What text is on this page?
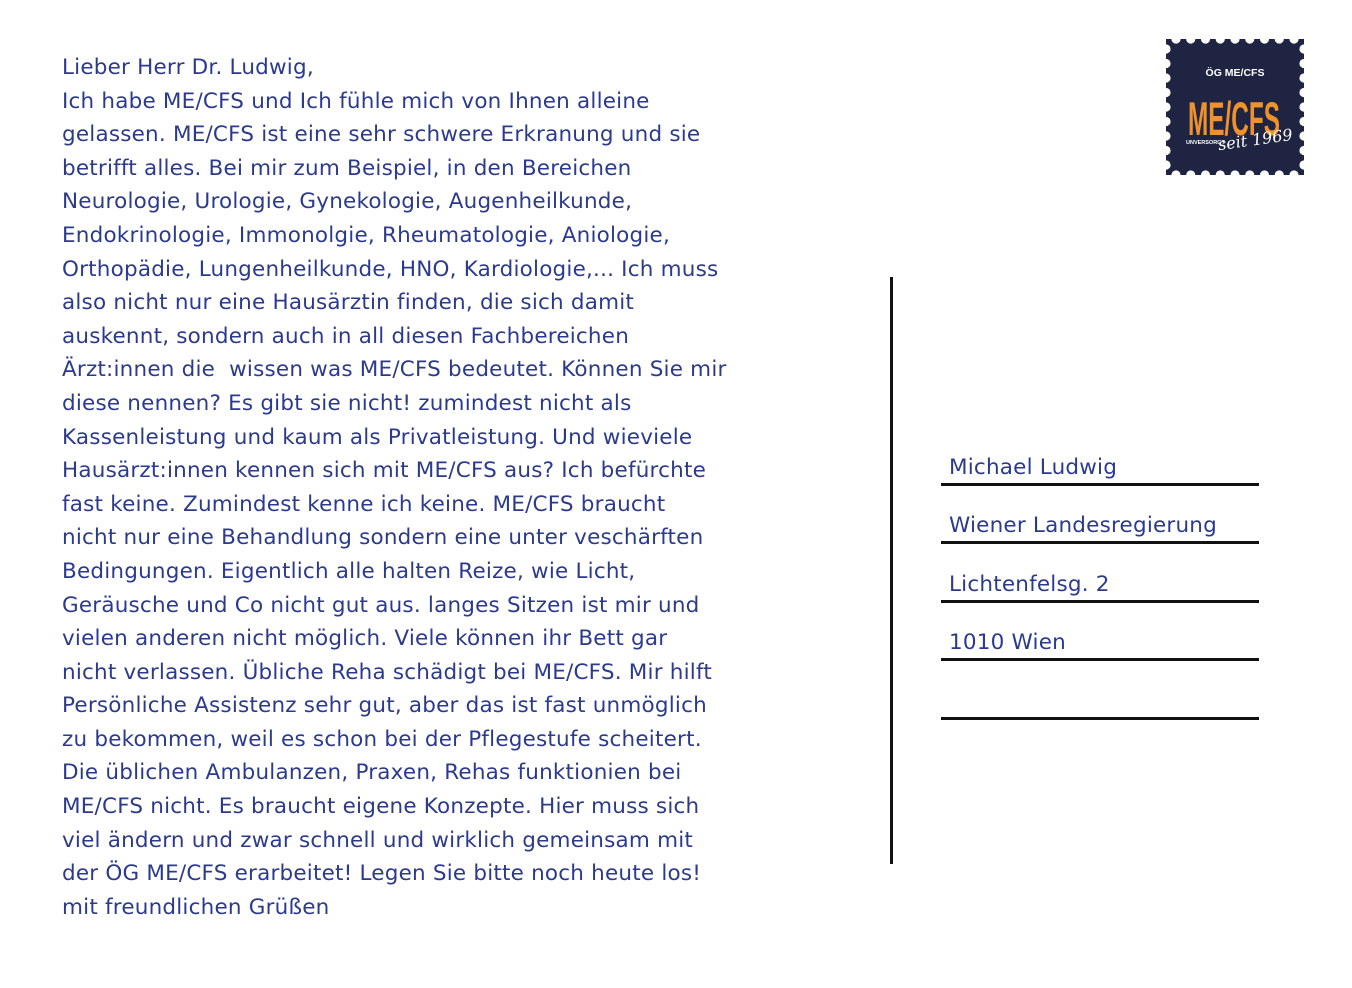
Lieber Herr Dr. Ludwig,
Ich habe ME/CFS und Ich fühle mich von Ihnen alleine
gelassen. ME/CFS ist eine sehr schwere Erkranung und sie
betrifft alles. Bei mir zum Beispiel, in den Bereichen
Neurologie, Urologie, Gynekologie, Augenheilkunde,
Endokrinologie, Immonolgie, Rheumatologie, Aniologie,
Orthopädie, Lungenheilkunde, HNO, Kardiologie,... Ich muss
also nicht nur eine Hausärztin finden, die sich damit
auskennt, sondern auch in all diesen Fachbereichen
Ärzt:innen die  wissen was ME/CFS bedeutet. Können Sie mir
diese nennen? Es gibt sie nicht! zumindest nicht als
Kassenleistung und kaum als Privatleistung. Und wieviele
Hausärzt:innen kennen sich mit ME/CFS aus? Ich befürchte
fast keine. Zumindest kenne ich keine. ME/CFS braucht
nicht nur eine Behandlung sondern eine unter veschärften
Bedingungen. Eigentlich alle halten Reize, wie Licht,
Geräusche und Co nicht gut aus. langes Sitzen ist mir und
vielen anderen nicht möglich. Viele können ihr Bett gar
nicht verlassen. Übliche Reha schädigt bei ME/CFS. Mir hilft
Persönliche Assistenz sehr gut, aber das ist fast unmöglich
zu bekommen, weil es schon bei der Pflegestufe scheitert.
Die üblichen Ambulanzen, Praxen, Rehas funktionien bei
ME/CFS nicht. Es braucht eigene Konzepte. Hier muss sich
viel ändern und zwar schnell und wirklich gemeinsam mit
der ÖG ME/CFS erarbeitet! Legen Sie bitte noch heute los!
mit freundlichen Grüßen
Michael Ludwig
Wiener Landesregierung
Lichtenfelsg. 2
1010 Wien
ÖG ME/CFS
ME/CFS
UNVERSORGT
seit 1969
